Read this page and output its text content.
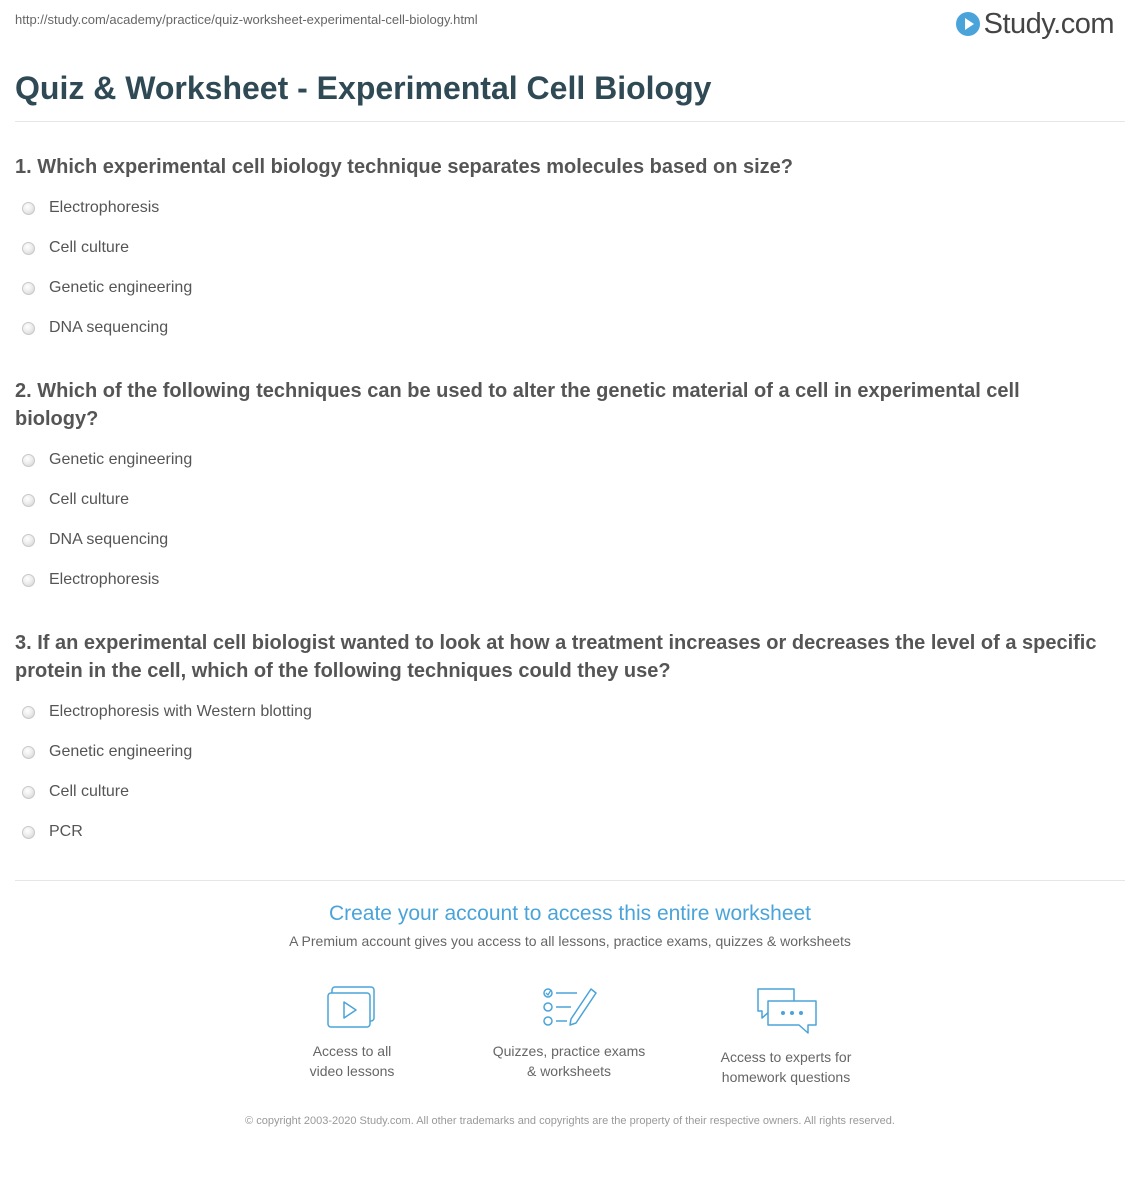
http://study.com/academy/practice/quiz-worksheet-experimental-cell-biology.html	Study.com
Quiz & Worksheet - Experimental Cell Biology
1. Which experimental cell biology technique separates molecules based on size?
Electrophoresis
Cell culture
Genetic engineering
DNA sequencing
2. Which of the following techniques can be used to alter the genetic material of a cell in experimental cell biology?
Genetic engineering
Cell culture
DNA sequencing
Electrophoresis
3. If an experimental cell biologist wanted to look at how a treatment increases or decreases the level of a specific protein in the cell, which of the following techniques could they use?
Electrophoresis with Western blotting
Genetic engineering
Cell culture
PCR
Create your account to access this entire worksheet
A Premium account gives you access to all lessons, practice exams, quizzes & worksheets
Access to all
video lessons
Quizzes, practice exams
& worksheets
Access to experts for
homework questions
© copyright 2003-2020 Study.com. All other trademarks and copyrights are the property of their respective owners. All rights reserved.
